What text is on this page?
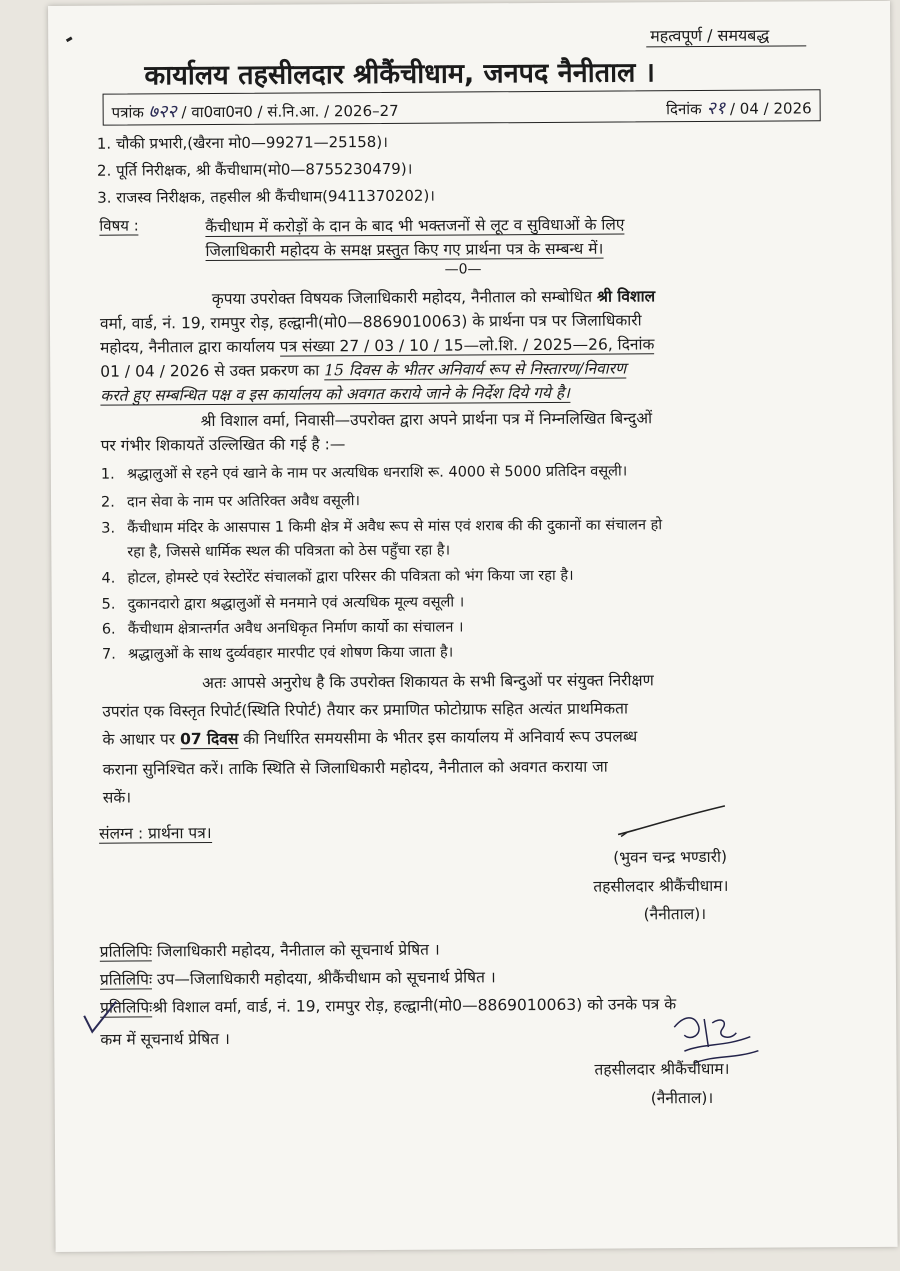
महत्वपूर्ण / समयबद्ध
कार्यालय तहसीलदार श्रीकैंचीधाम, जनपद नैनीताल ।
पत्रांक ७२२ / वा0वा0न0 / सं.नि.आ. / 2026–27	दिनांक २१ / 04 / 2026
1. चौकी प्रभारी,(खैरना मो0—99271—25158)।
2. पूर्ति निरीक्षक, श्री कैंचीधाम(मो0—8755230479)।
3. राजस्व निरीक्षक, तहसील श्री कैंचीधाम(9411370202)।
विषय :	कैंचीधाम में करोड़ों के दान के बाद भी भक्तजनों से लूट व सुविधाओं के लिए
जिलाधिकारी महोदय के समक्ष प्रस्तुत किए गए प्रार्थना पत्र के सम्बन्ध में।
—0—
कृपया उपरोक्त विषयक जिलाधिकारी महोदय, नैनीताल को सम्बोधित श्री विशाल
वर्मा, वार्ड, नं. 19, रामपुर रोड़, हल्द्वानी(मो0—8869010063) के प्रार्थना पत्र पर जिलाधिकारी
महोदय, नैनीताल द्वारा कार्यालय पत्र संख्या 27 / 03 / 10 / 15—लो.शि. / 2025—26, दिनांक
01 / 04 / 2026 से उक्त प्रकरण का 15 दिवस के भीतर अनिवार्य रूप से निस्तारण/निवारण
करते हुए सम्बन्धित पक्ष व इस कार्यालय को अवगत कराये जाने के निर्देश दिये गये है।
श्री विशाल वर्मा, निवासी—उपरोक्त द्वारा अपने प्रार्थना पत्र में निम्नलिखित बिन्दुओं
पर गंभीर शिकायतें उल्लिखित की गई है :—
1. श्रद्धालुओं से रहने एवं खाने के नाम पर अत्यधिक धनराशि रू. 4000 से 5000 प्रतिदिन वसूली।
2. दान सेवा के नाम पर अतिरिक्त अवैध वसूली।
3. कैंचीधाम मंदिर के आसपास 1 किमी क्षेत्र में अवैध रूप से मांस एवं शराब की की दुकानों का संचालन हो
रहा है, जिससे धार्मिक स्थल की पवित्रता को ठेस पहुँचा रहा है।
4. होटल, होमस्टे एवं रेस्टोरेंट संचालकों द्वारा परिसर की पवित्रता को भंग किया जा रहा है।
5. दुकानदारो द्वारा श्रद्धालुओं से मनमाने एवं अत्यधिक मूल्य वसूली ।
6. कैंचीधाम क्षेत्रान्तर्गत अवैध अनधिकृत निर्माण कार्यो का संचालन ।
7. श्रद्धालुओं के साथ दुर्व्यवहार मारपीट एवं शोषण किया जाता है।
अतः आपसे अनुरोध है कि उपरोक्त शिकायत के सभी बिन्दुओं पर संयुक्त निरीक्षण
उपरांत एक विस्तृत रिपोर्ट(स्थिति रिपोर्ट) तैयार कर प्रमाणित फोटोग्राफ सहित अत्यंत प्राथमिकता
के आधार पर 07 दिवस की निर्धारित समयसीमा के भीतर इस कार्यालय में अनिवार्य रूप उपलब्ध
कराना सुनिश्चित करें। ताकि स्थिति से जिलाधिकारी महोदय, नैनीताल को अवगत कराया जा
सकें।
संलग्न : प्रार्थना पत्र।
(भुवन चन्द्र भण्डारी)
तहसीलदार श्रीकैंचीधाम।
(नैनीताल)।
प्रतिलिपिः जिलाधिकारी महोदय, नैनीताल को सूचनार्थ प्रेषित ।
प्रतिलिपिः उप—जिलाधिकारी महोदया, श्रीकैंचीधाम को सूचनार्थ प्रेषित ।
प्रतिलिपिःश्री विशाल वर्मा, वार्ड, नं. 19, रामपुर रोड़, हल्द्वानी(मो0—8869010063) को उनके पत्र के
कम में सूचनार्थ प्रेषित ।
तहसीलदार श्रीकैंचीधाम।
(नैनीताल)।
